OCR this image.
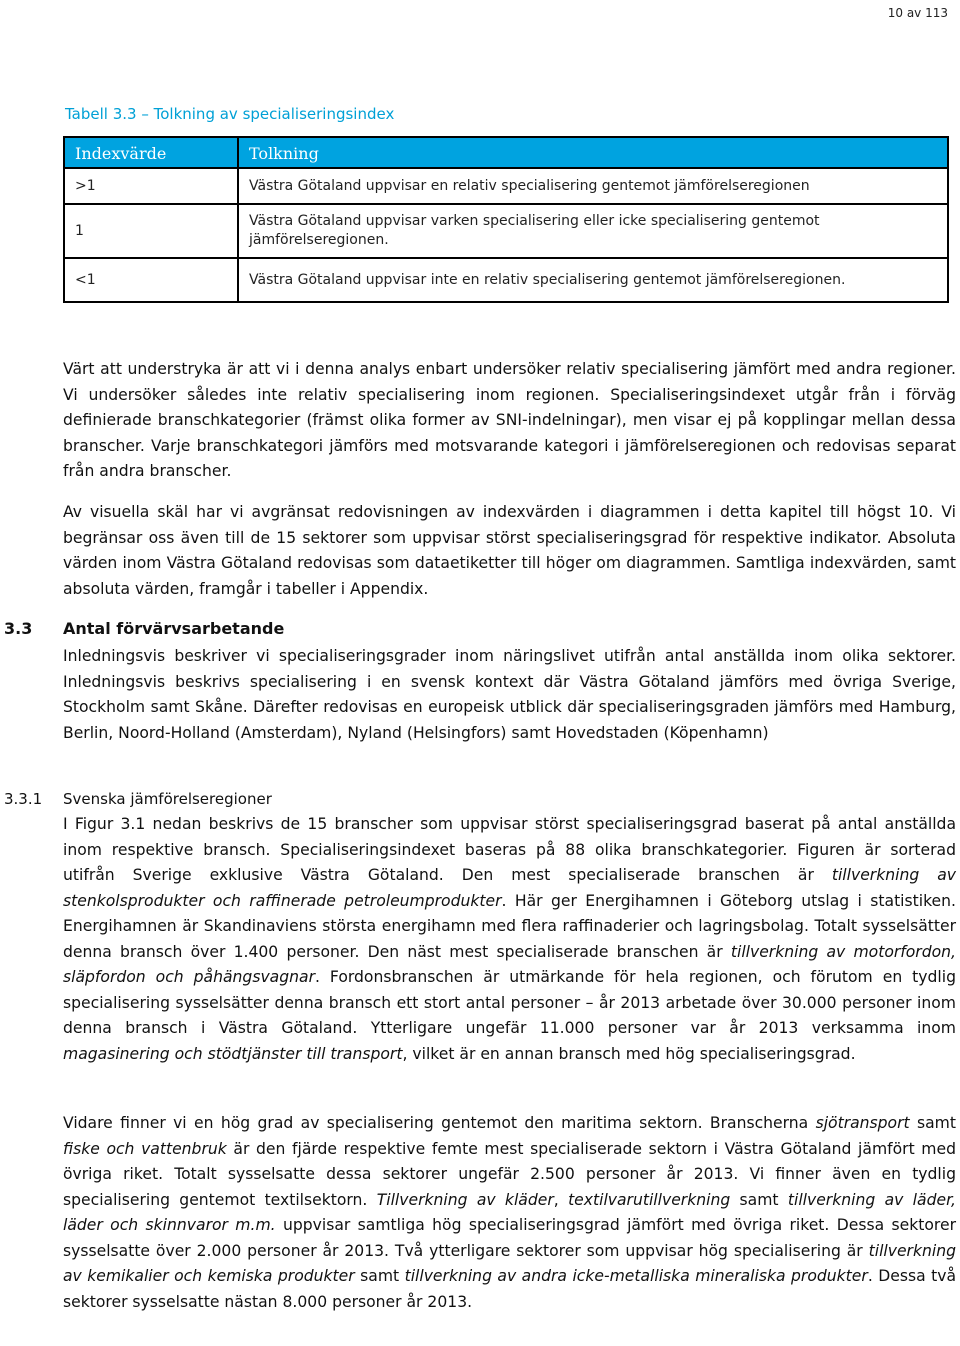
10 av 113
Tabell 3.3 – Tolkning av specialiseringsindex
Indexvärde	Tolkning
>1	Västra Götaland uppvisar en relativ specialisering gentemot jämförelseregionen
1	Västra Götaland uppvisar varken specialisering eller icke specialisering gentemot jämförelseregionen.
<1	Västra Götaland uppvisar inte en relativ specialisering gentemot jämförelseregionen.

Värt att understryka är att vi i denna analys enbart undersöker relativ specialisering jämfört med andra regioner. Vi undersöker således inte relativ specialisering inom regionen. Specialiseringsindexet utgår från i förväg definierade branschkategorier (främst olika former av SNI-indelningar), men visar ej på kopplingar mellan dessa branscher. Varje branschkategori jämförs med motsvarande kategori i jämförelseregionen och redovisas separat från andra branscher.

Av visuella skäl har vi avgränsat redovisningen av indexvärden i diagrammen i detta kapitel till högst 10. Vi begränsar oss även till de 15 sektorer som uppvisar störst specialiseringsgrad för respektive indikator. Absoluta värden inom Västra Götaland redovisas som dataetiketter till höger om diagrammen. Samtliga indexvärden, samt absoluta värden, framgår i tabeller i Appendix.

3.3 Antal förvärvsarbetande

Inledningsvis beskriver vi specialiseringsgrader inom näringslivet utifrån antal anställda inom olika sektorer. Inledningsvis beskrivs specialisering i en svensk kontext där Västra Götaland jämförs med övriga Sverige, Stockholm samt Skåne. Därefter redovisas en europeisk utblick där specialiseringsgraden jämförs med Hamburg, Berlin, Noord-Holland (Amsterdam), Nyland (Helsingfors) samt Hovedstaden (Köpenhamn)

3.3.1 Svenska jämförelseregioner

I Figur 3.1 nedan beskrivs de 15 branscher som uppvisar störst specialiseringsgrad baserat på antal anställda inom respektive bransch. Specialiseringsindexet baseras på 88 olika branschkategorier. Figuren är sorterad utifrån Sverige exklusive Västra Götaland. Den mest specialiserade branschen är tillverkning av stenkolsprodukter och raffinerade petroleumprodukter. Här ger Energihamnen i Göteborg utslag i statistiken. Energihamnen är Skandinaviens största energihamn med flera raffinaderier och lagringsbolag. Totalt sysselsätter denna bransch över 1.400 personer. Den näst mest specialiserade branschen är tillverkning av motorfordon, släpfordon och påhängsvagnar. Fordonsbranschen är utmärkande för hela regionen, och förutom en tydlig specialisering sysselsätter denna bransch ett stort antal personer – år 2013 arbetade över 30.000 personer inom denna bransch i Västra Götaland. Ytterligare ungefär 11.000 personer var år 2013 verksamma inom magasinering och stödtjänster till transport, vilket är en annan bransch med hög specialiseringsgrad.

Vidare finner vi en hög grad av specialisering gentemot den maritima sektorn. Branscherna sjötransport samt fiske och vattenbruk är den fjärde respektive femte mest specialiserade sektorn i Västra Götaland jämfört med övriga riket. Totalt sysselsatte dessa sektorer ungefär 2.500 personer år 2013. Vi finner även en tydlig specialisering gentemot textilsektorn. Tillverkning av kläder, textilvarutillverkning samt tillverkning av läder, läder och skinnvaror m.m. uppvisar samtliga hög specialiseringsgrad jämfört med övriga riket. Dessa sektorer sysselsatte över 2.000 personer år 2013. Två ytterligare sektorer som uppvisar hög specialisering är tillverkning av kemikalier och kemiska produkter samt tillverkning av andra icke-metalliska mineraliska produkter. Dessa två sektorer sysselsatte nästan 8.000 personer år 2013.
